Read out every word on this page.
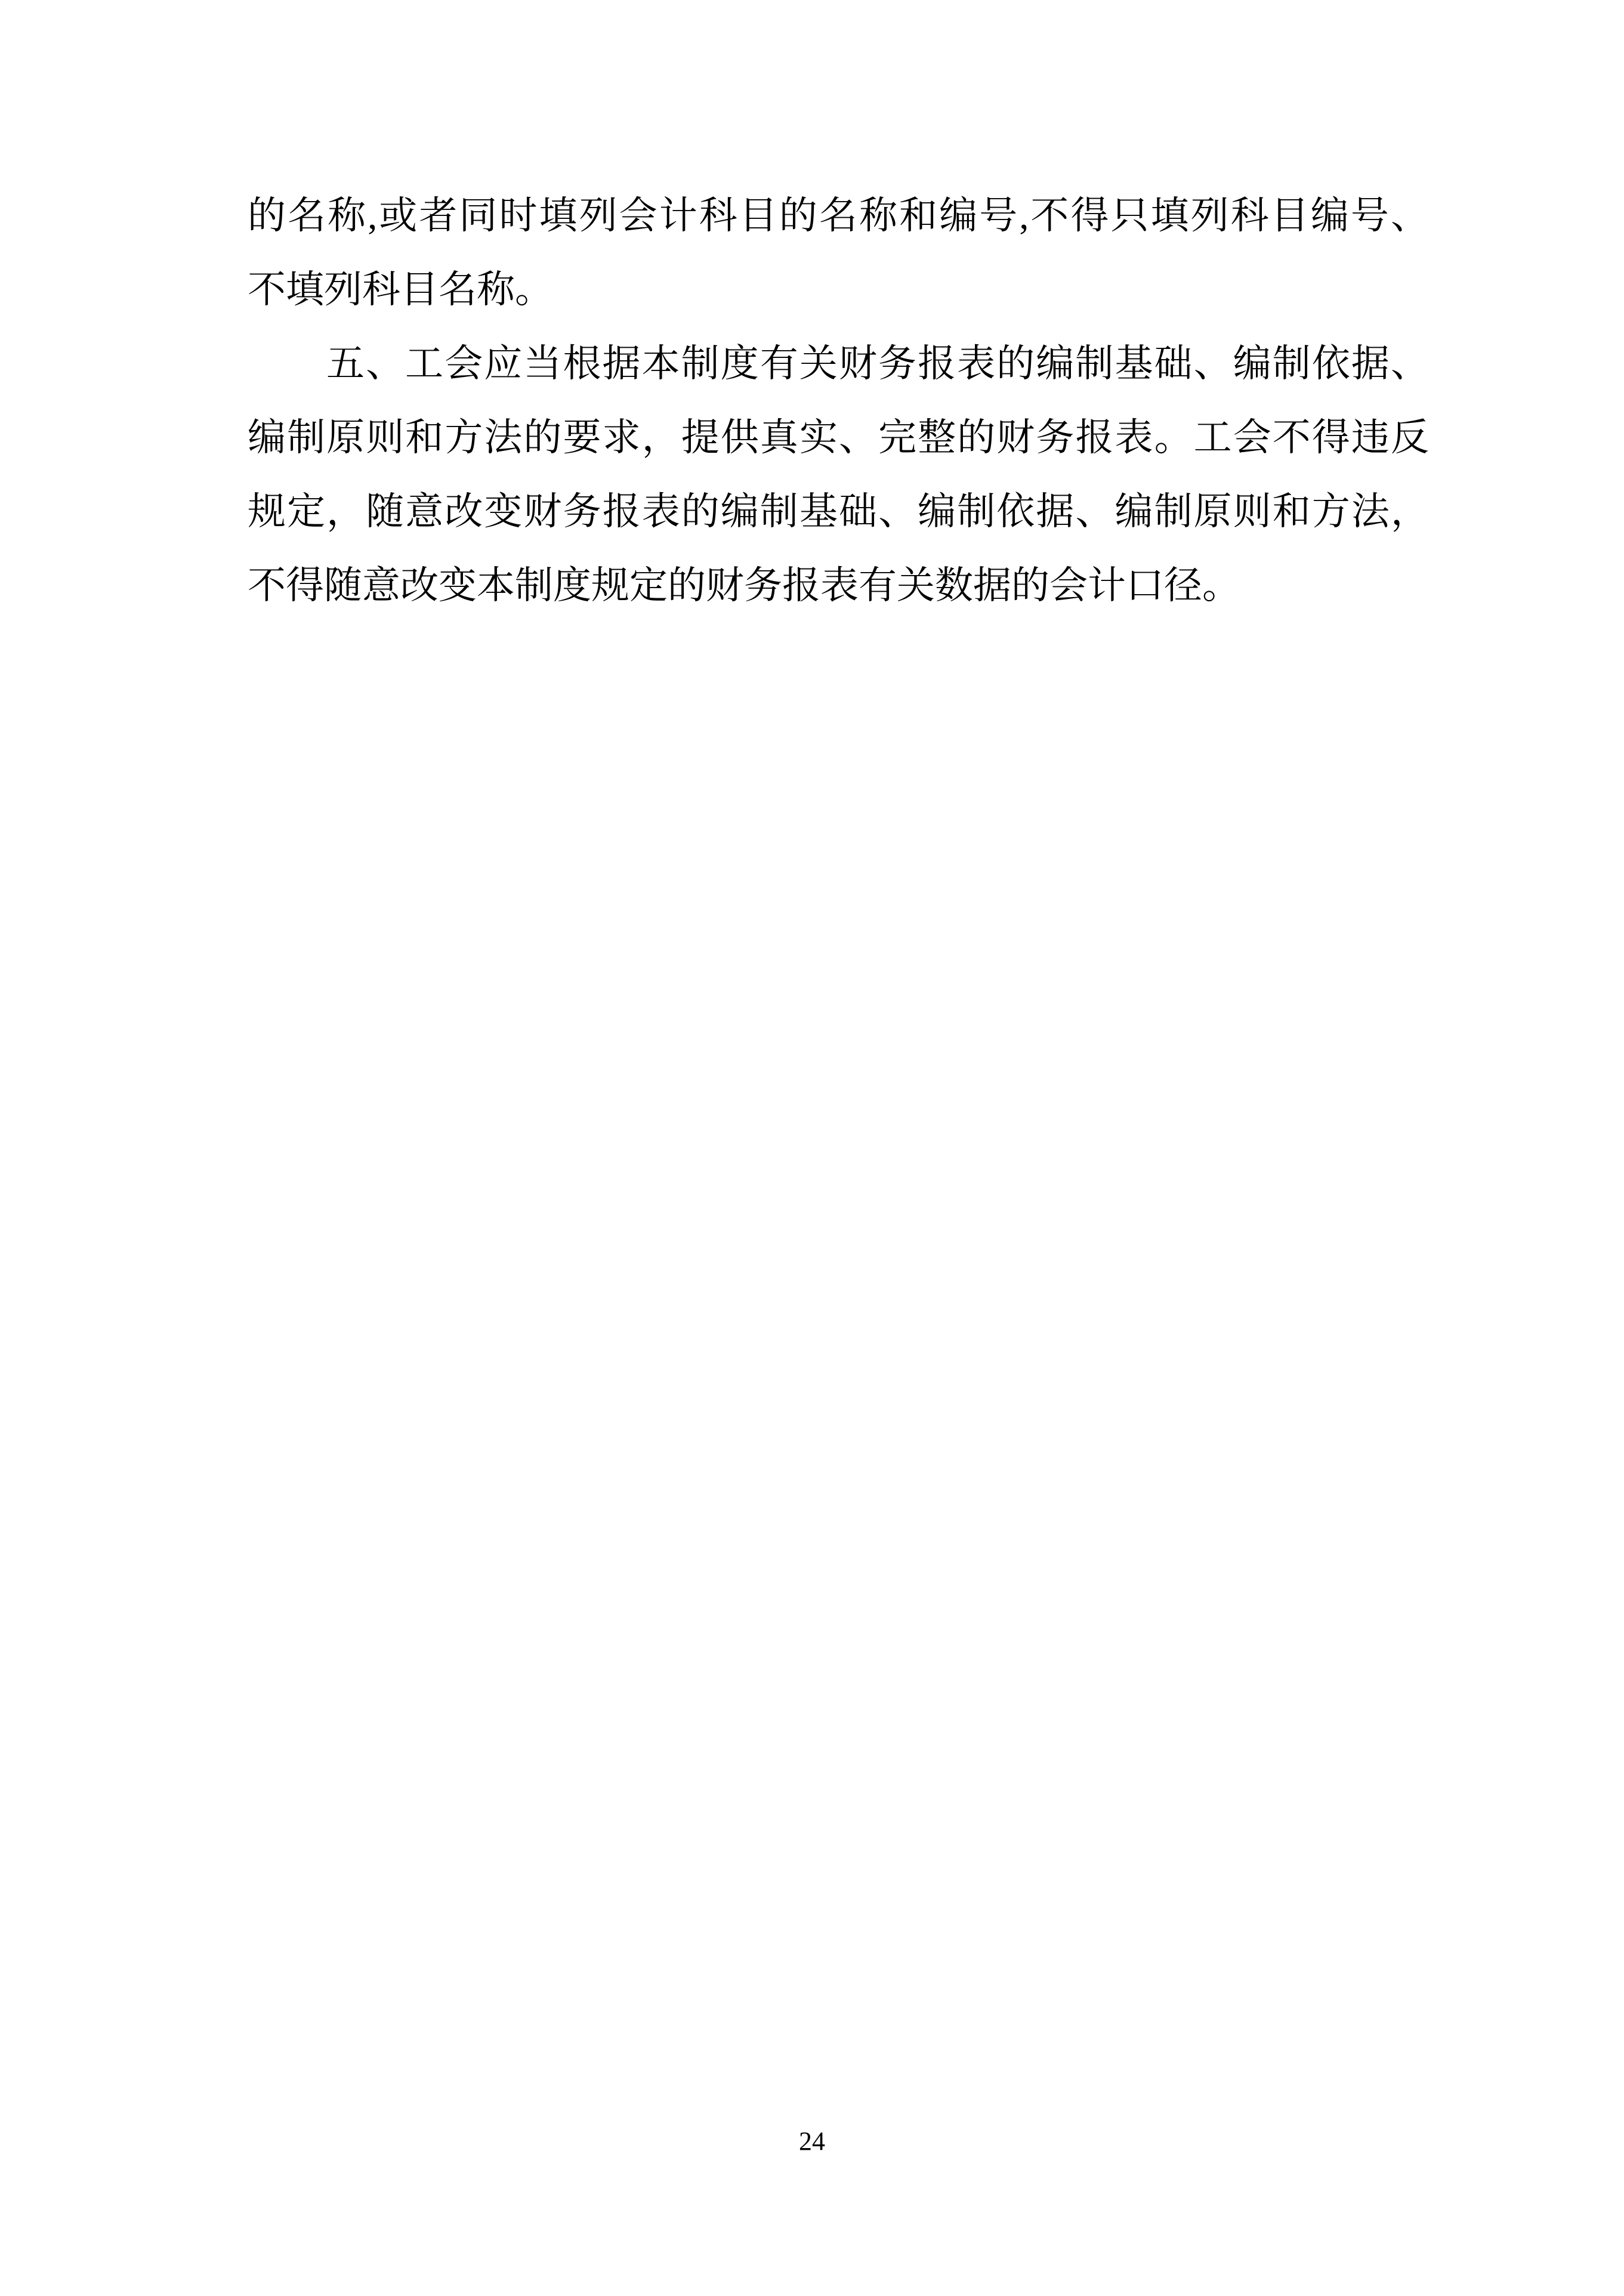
的名称,或者同时填列会计科目的名称和编号,不得只填列科目编号、
不填列科目名称。
五、工会应当根据本制度有关财务报表的编制基础、编制依据、
编制原则和方法的要求，提供真实、完整的财务报表。工会不得违反
规定，随意改变财务报表的编制基础、编制依据、编制原则和方法，
不得随意改变本制度规定的财务报表有关数据的会计口径。
24
